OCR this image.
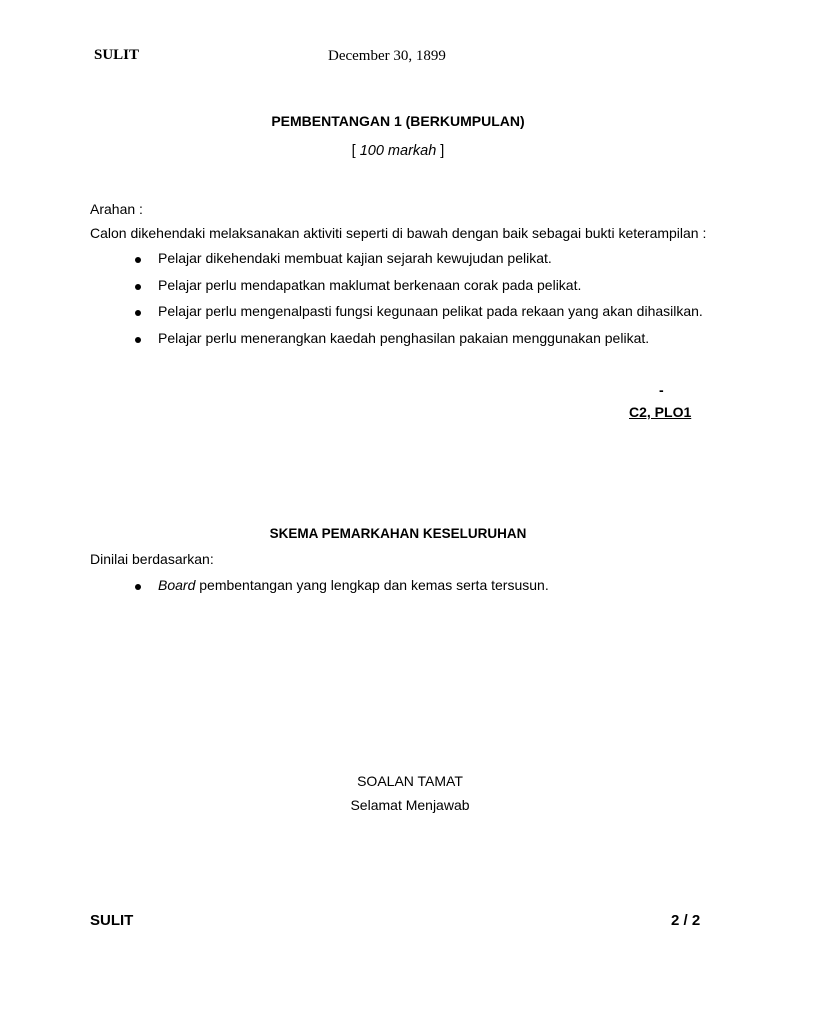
SULIT	December 30, 1899
PEMBENTANGAN 1 (BERKUMPULAN)
[ 100 markah ]
Arahan :
Calon dikehendaki melaksanakan aktiviti seperti di bawah dengan baik sebagai bukti keterampilan :
Pelajar dikehendaki membuat kajian sejarah kewujudan pelikat.
Pelajar perlu mendapatkan maklumat berkenaan corak pada pelikat.
Pelajar perlu mengenalpasti fungsi kegunaan pelikat pada rekaan yang akan dihasilkan.
Pelajar perlu menerangkan kaedah penghasilan pakaian menggunakan pelikat.
-
C2, PLO1
SKEMA PEMARKAHAN KESELURUHAN
Dinilai berdasarkan:
Board pembentangan yang lengkap dan kemas serta tersusun.
SOALAN TAMAT
Selamat Menjawab
SULIT	2 / 2
